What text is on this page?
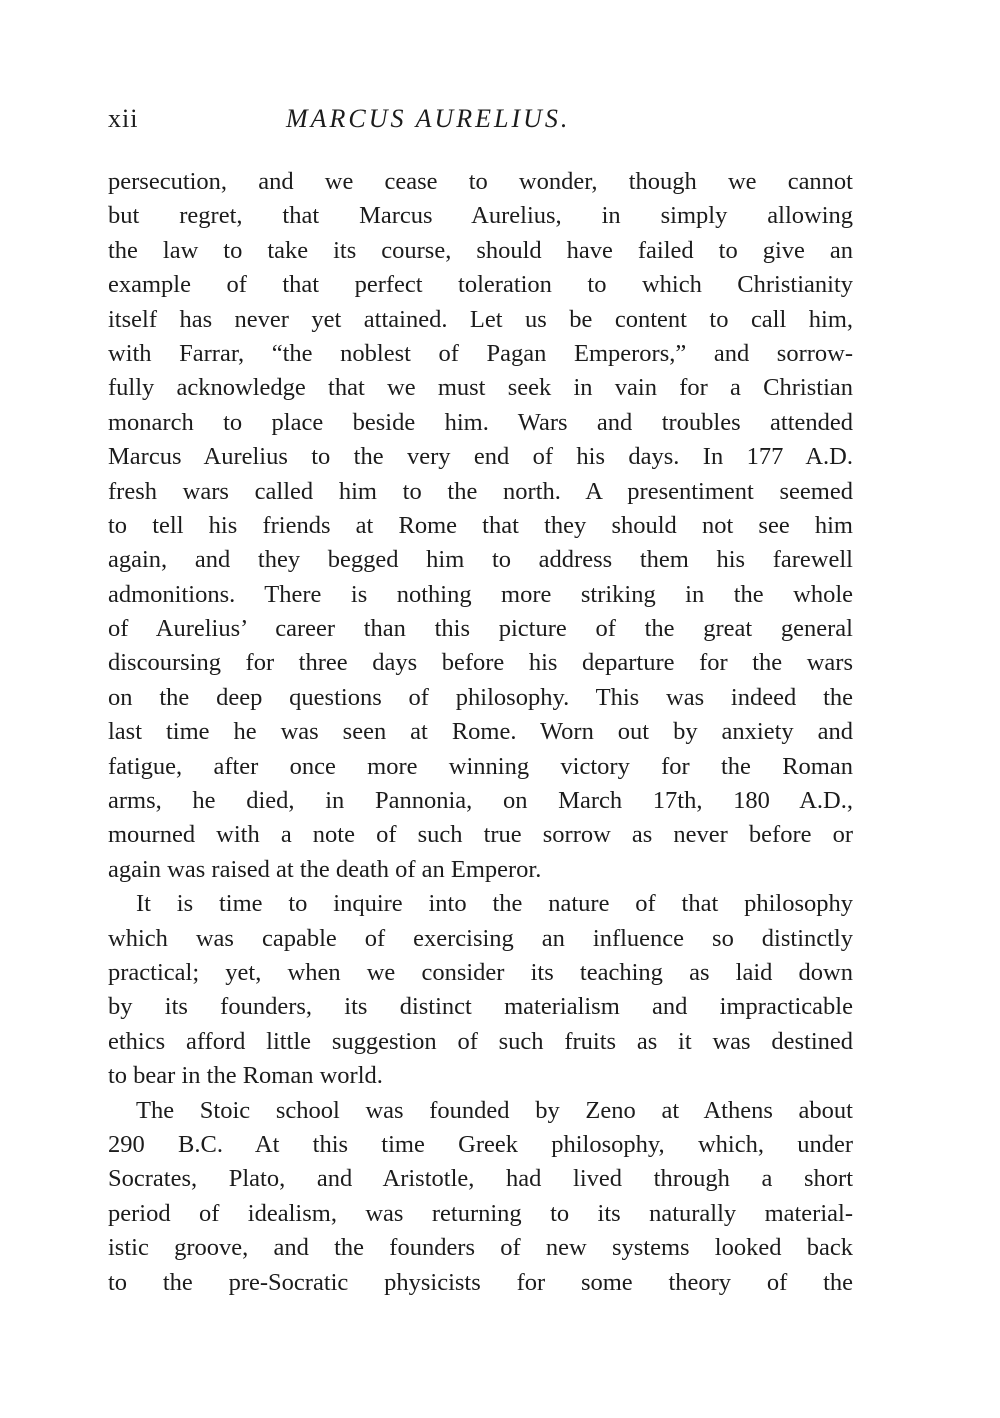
xii	MARCUS AURELIUS.
persecution, and we cease to wonder, though we cannot
but regret, that Marcus Aurelius, in simply allowing
the law to take its course, should have failed to give an
example of that perfect toleration to which Christianity
itself has never yet attained. Let us be content to call him,
with Farrar, “the noblest of Pagan Emperors,” and sorrow-
fully acknowledge that we must seek in vain for a Christian
monarch to place beside him. Wars and troubles attended
Marcus Aurelius to the very end of his days. In 177 A.D.
fresh wars called him to the north. A presentiment seemed
to tell his friends at Rome that they should not see him
again, and they begged him to address them his farewell
admonitions. There is nothing more striking in the whole
of Aurelius’ career than this picture of the great general
discoursing for three days before his departure for the wars
on the deep questions of philosophy. This was indeed the
last time he was seen at Rome. Worn out by anxiety and
fatigue, after once more winning victory for the Roman
arms, he died, in Pannonia, on March 17th, 180 A.D.,
mourned with a note of such true sorrow as never before or
again was raised at the death of an Emperor.
It is time to inquire into the nature of that philosophy
which was capable of exercising an influence so distinctly
practical; yet, when we consider its teaching as laid down
by its founders, its distinct materialism and impracticable
ethics afford little suggestion of such fruits as it was destined
to bear in the Roman world.
The Stoic school was founded by Zeno at Athens about
290 B.C. At this time Greek philosophy, which, under
Socrates, Plato, and Aristotle, had lived through a short
period of idealism, was returning to its naturally material-
istic groove, and the founders of new systems looked back
to the pre-Socratic physicists for some theory of the
